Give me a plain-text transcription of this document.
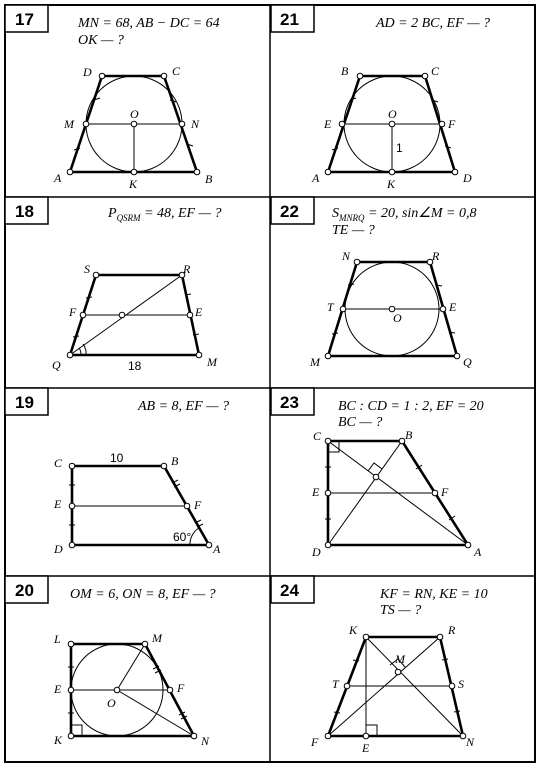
17	MN = 68, AB − DC = 64
OK — ?
D	C
M
O
N
A	K	B
21	AD = 2 BC, EF — ?
B	C
E
O
F
A	K	D
1
18	$P_{QSRM} = 48$, EF — ?
S	R
F	E
Q	M
18
22 $S_{MNRQ} = 20$, sin∠M = 0,8
TE — ?
N	R
T
O
E
M	Q
19	AB = 8, EF — ?
C	B
E	F
D	A
10
60°
23	BC : CD = 1 : 2, EF = 20
BC — ?
C	B
E	F
D	A
20	OM = 6, ON = 8, EF — ?
L	M
E
O
F
K	N
24	KF = RN, KE = 10
TS — ?
K	R
M
T	S
F	E	N
